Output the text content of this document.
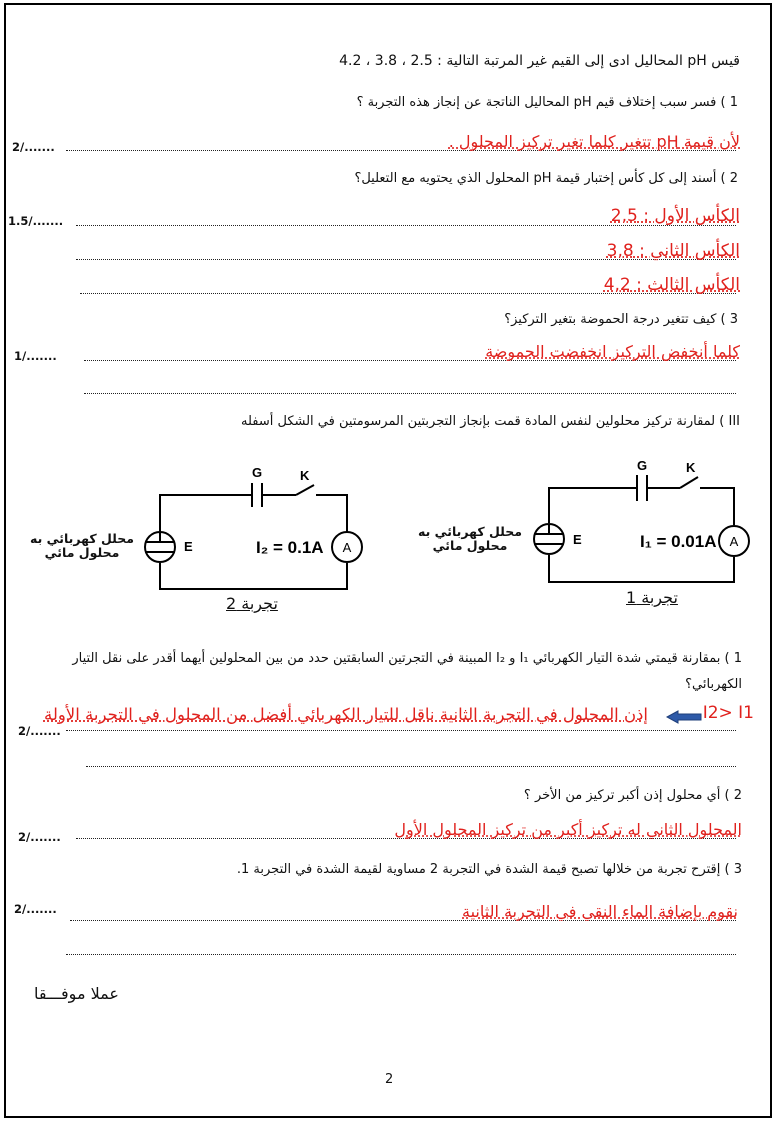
قيس pH المحاليل ادى إلى القيم غير المرتبة التالية : 2.5 ، 3.8 ، 4.2
1 ) فسر سبب إختلاف قيم pH المحاليل الناتجة عن إنجاز هذه التجربة ؟
2/.......	لأن قيمة pH تتغير كلما تغير تركيز المحلول .
2 ) أسند إلى كل كأس إختبار قيمة pH المحلول الذي يحتويه مع التعليل؟
1.5/.......	الكأس الأول : 2,5
الكأس الثاني : 3,8
الكأس الثالث : 4,2
3 ) كيف تتغير درجة الحموضة بتغير التركيز؟
1/.......	كلما أنخفض التركيز انخفضت الحموضة
III ) لمقارنة تركيز محلولين لنفس المادة قمت بإنجاز التجربتين المرسومتين في الشكل أسفله
G	K
E	A
I₂ = 0.1A
G	K
E	A
I₁ = 0.01A
محلل كهربائي به محلول مائي
محلل كهربائي به محلول مائي
تجربة 2	تجربة 1
1 ) بمقارنة قيمتي شدة التيار الكهربائي I₁ و I₂ المبينة في التجرتين السابقتين حدد من بين المحلولين أيهما أقدر على نقل التيار
الكهربائي؟
2/.......
إذن المحلول في التجربة الثانية ناقل للتيار الكهربائي أفضل من المحلول في التجربة الأولة	I2> I1
2 ) أي محلول إذن أكبر تركيز من الأخر ؟
2/.......	المحلول الثاني له تركيز أكبر من تركيز المحلول الأول
3 ) إقترح تجربة من خلالها تصبح قيمة الشدة في التجربة 2 مساوية لقيمة الشدة في التجربة 1.
2/.......	نقوم بإضافة الماء النقي في التجربة الثانية
عملا موفـــقا
2
